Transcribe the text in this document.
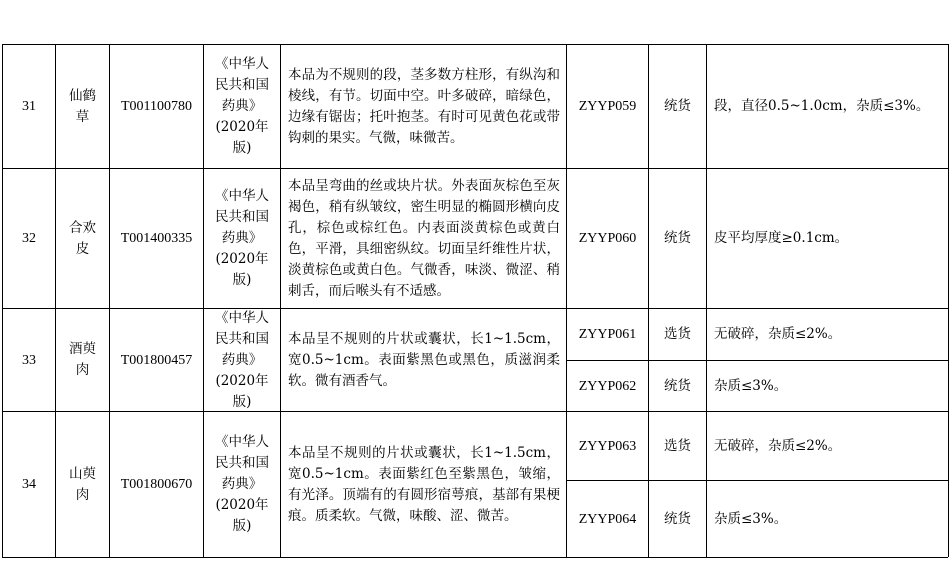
31
仙鹤
草
T001100780
《中华人
民共和国
药典》
(2020年
版)
本品为不规则的段，茎多数方柱形，有纵沟和棱线，有节。切面中空。叶多破碎，暗绿色，边缘有锯齿；托叶抱茎。有时可见黄色花或带钩刺的果实。气微，味微苦。
ZYYP059 统货 段，直径0.5~1.0cm，杂质≤3%。
32
合欢
皮
T001400335
《中华人
民共和国
药典》
(2020年
版)
本品呈弯曲的丝或块片状。外表面灰棕色至灰褐色，稍有纵皱纹，密生明显的椭圆形横向皮孔，棕色或棕红色。内表面淡黄棕色或黄白色，平滑，具细密纵纹。切面呈纤维性片状，淡黄棕色或黄白色。气微香，味淡、微涩、稍刺舌，而后喉头有不适感。
ZYYP060 统货 皮平均厚度≥0.1cm。
33
酒萸
肉
T001800457
《中华人
民共和国
药典》
(2020年
版)
本品呈不规则的片状或囊状，长1~1.5cm，宽0.5~1cm。表面紫黑色或黑色，质滋润柔软。微有酒香气。
ZYYP061 选货 无破碎，杂质≤2%。
ZYYP062 统货 杂质≤3%。
34
山萸
肉
T001800670
《中华人
民共和国
药典》
(2020年
版)
本品呈不规则的片状或囊状，长1~1.5cm，宽0.5~1cm。表面紫红色至紫黑色，皱缩，有光泽。顶端有的有圆形宿萼痕，基部有果梗痕。质柔软。气微，味酸、涩、微苦。
ZYYP063 选货 无破碎，杂质≤2%。
ZYYP064 统货 杂质≤3%。
